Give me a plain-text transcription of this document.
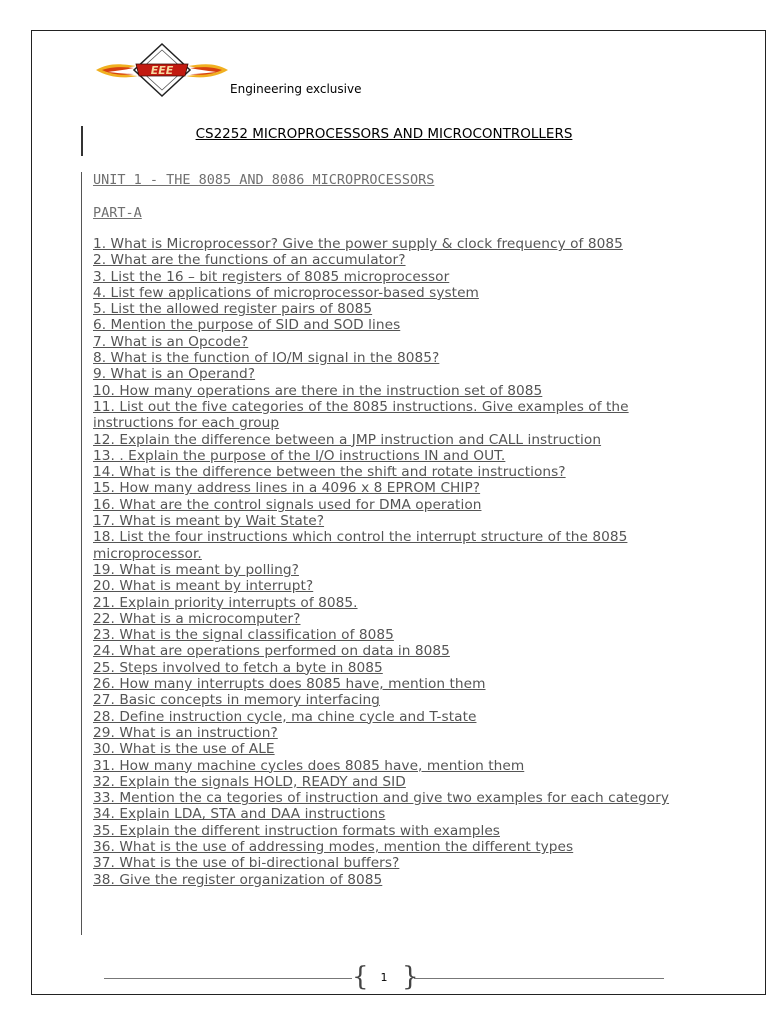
EEE
Engineering exclusive
CS2252 MICROPROCESSORS AND MICROCONTROLLERS
UNIT 1 - THE 8085 AND 8086 MICROPROCESSORS
PART-A
1. What is Microprocessor? Give the power supply & clock frequency of 8085
2. What are the functions of an accumulator?
3. List the 16 – bit registers of 8085 microprocessor
4. List few applications of microprocessor-based system
5. List the allowed register pairs of 8085
6. Mention the purpose of SID and SOD lines
7. What is an Opcode?
8. What is the function of IO/M signal in the 8085?
9. What is an Operand?
10. How many operations are there in the instruction set of 8085
11. List out the five categories of the 8085 instructions. Give examples of the instructions for each group
12. Explain the difference between a JMP instruction and CALL instruction
13. . Explain the purpose of the I/O instructions IN and OUT.
14. What is the difference between the shift and rotate instructions?
15. How many address lines in a 4096 x 8 EPROM CHIP?
16. What are the control signals used for DMA operation
17. What is meant by Wait State?
18. List the four instructions which control the interrupt structure of the 8085 microprocessor.
19. What is meant by polling?
20. What is meant by interrupt?
21. Explain priority interrupts of 8085.
22. What is a microcomputer?
23. What is the signal classification of 8085
24. What are operations performed on data in 8085
25. Steps involved to fetch a byte in 8085
26. How many interrupts does 8085 have, mention them
27. Basic concepts in memory interfacing
28. Define instruction cycle, ma chine cycle and T-state
29. What is an instruction?
30. What is the use of ALE
31. How many machine cycles does 8085 have, mention them
32. Explain the signals HOLD, READY and SID
33. Mention the ca tegories of instruction and give two examples for each category
34. Explain LDA, STA and DAA instructions
35. Explain the different instruction formats with examples
36. What is the use of addressing modes, mention the different types
37. What is the use of bi-directional buffers?
38. Give the register organization of 8085
{ }
1
